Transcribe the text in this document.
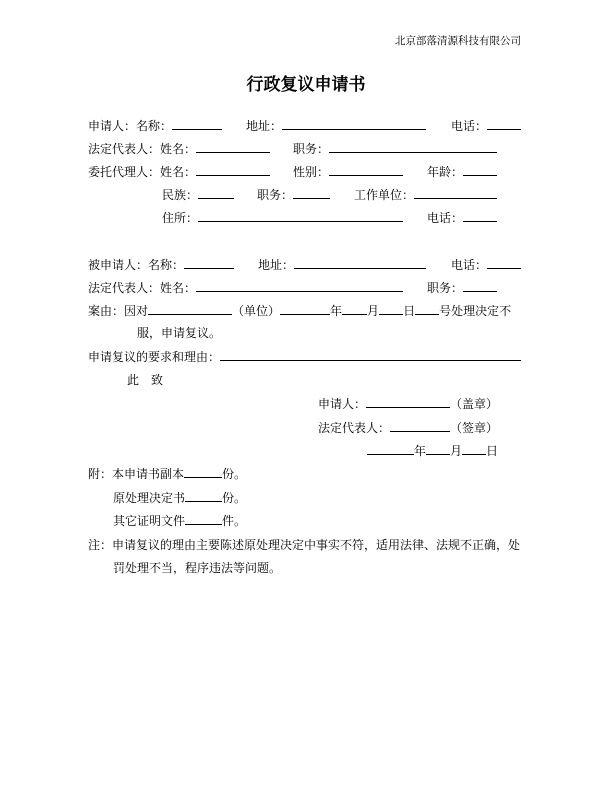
北京部落清源科技有限公司
行政复议申请书
申请人：名称：	地址：	电话：
法定代表人：姓名：	职务：
委托代理人：姓名：	性别：	年龄：
民族：	职务：	工作单位：
住所：	电话：
被申请人：名称：	地址：	电话：
法定代表人：姓名：	职务：
案由：因对	（单位）	年 月 日 号处理决定不
服，申请复议。
申请复议的要求和理由：
此　致
申请人：	（盖章）
法定代表人：	（签章）
年 月 日
附：本申请书副本	份。
原处理决定书	份。
其它证明文件	件。
注：申请复议的理由主要陈述原处理决定中事实不符，适用法律、法规不正确，处
罚处理不当，程序违法等问题。
